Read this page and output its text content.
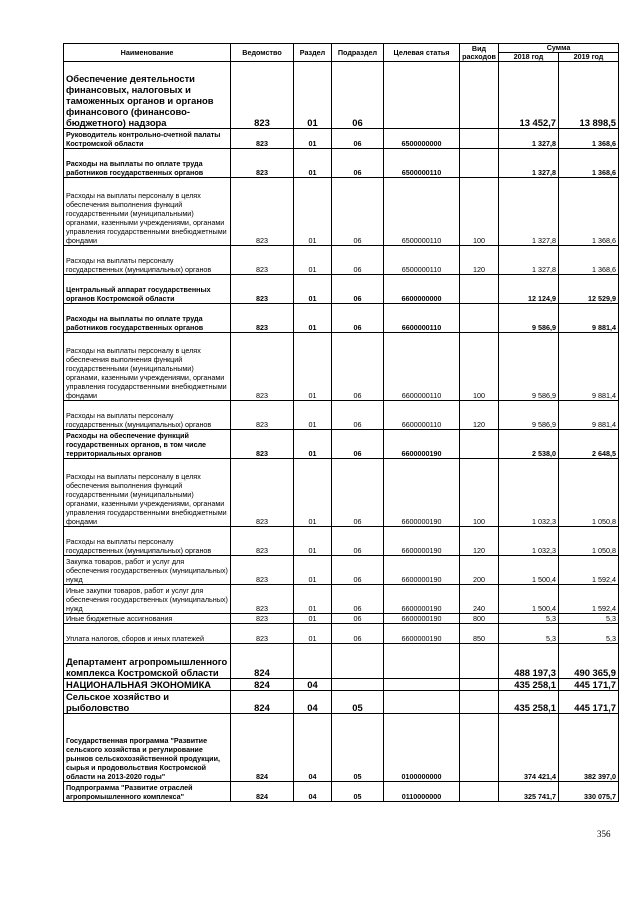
Наименование	Ведомство	Раздел	Подраздел	Целевая статья	Вид расходов	Сумма	
						2018 год	2019 год
Обеспечение деятельности финансовых, налоговых и таможенных органов и органов финансового (финансово-бюджетного) надзора	823	01	06			13 452,7	13 898,5
Руководитель контрольно-счетной палаты Костромской области	823	01	06	6500000000		1 327,8	1 368,6
Расходы на выплаты по оплате труда работников государственных органов	823	01	06	6500000110		1 327,8	1 368,6
Расходы на выплаты персоналу в целях обеспечения выполнения функций государственными (муниципальными) органами, казенными учреждениями, органами управления государственными внебюджетными фондами	823	01	06	6500000110	100	1 327,8	1 368,6
Расходы на выплаты персоналу государственных (муниципальных) органов	823	01	06	6500000110	120	1 327,8	1 368,6
Центральный аппарат государственных органов Костромской области	823	01	06	6600000000		12 124,9	12 529,9
Расходы на выплаты по оплате труда работников государственных органов	823	01	06	6600000110		9 586,9	9 881,4
Расходы на выплаты персоналу в целях обеспечения выполнения функций государственными (муниципальными) органами, казенными учреждениями, органами управления государственными внебюджетными фондами	823	01	06	6600000110	100	9 586,9	9 881,4
Расходы на выплаты персоналу государственных (муниципальных) органов	823	01	06	6600000110	120	9 586,9	9 881,4
Расходы на обеспечение функций государственных органов, в том числе территориальных органов	823	01	06	6600000190		2 538,0	2 648,5
Расходы на выплаты персоналу в целях обеспечения выполнения функций государственными (муниципальными) органами, казенными учреждениями, органами управления государственными внебюджетными фондами	823	01	06	6600000190	100	1 032,3	1 050,8
Расходы на выплаты персоналу государственных (муниципальных) органов	823	01	06	6600000190	120	1 032,3	1 050,8
Закупка товаров, работ и услуг для обеспечения государственных (муниципальных) нужд	823	01	06	6600000190	200	1 500,4	1 592,4
Иные закупки товаров, работ и услуг для обеспечения государственных (муниципальных) нужд	823	01	06	6600000190	240	1 500,4	1 592,4
Иные бюджетные ассигнования	823	01	06	6600000190	800	5,3	5,3
Уплата налогов, сборов и иных платежей	823	01	06	6600000190	850	5,3	5,3
Департамент агропромышленного комплекса Костромской области	824					488 197,3	490 365,9
НАЦИОНАЛЬНАЯ ЭКОНОМИКА	824	04				435 258,1	445 171,7
Сельское хозяйство и рыболовство	824	04	05			435 258,1	445 171,7
Государственная программа "Развитие сельского хозяйства и регулирование рынков сельскохозяйственной продукции, сырья и продовольствия Костромской области на 2013-2020 годы"	824	04	05	0100000000		374 421,4	382 397,0
Подпрограмма "Развитие отраслей агропромышленного комплекса"	824	04	05	0110000000		325 741,7	330 075,7
356
